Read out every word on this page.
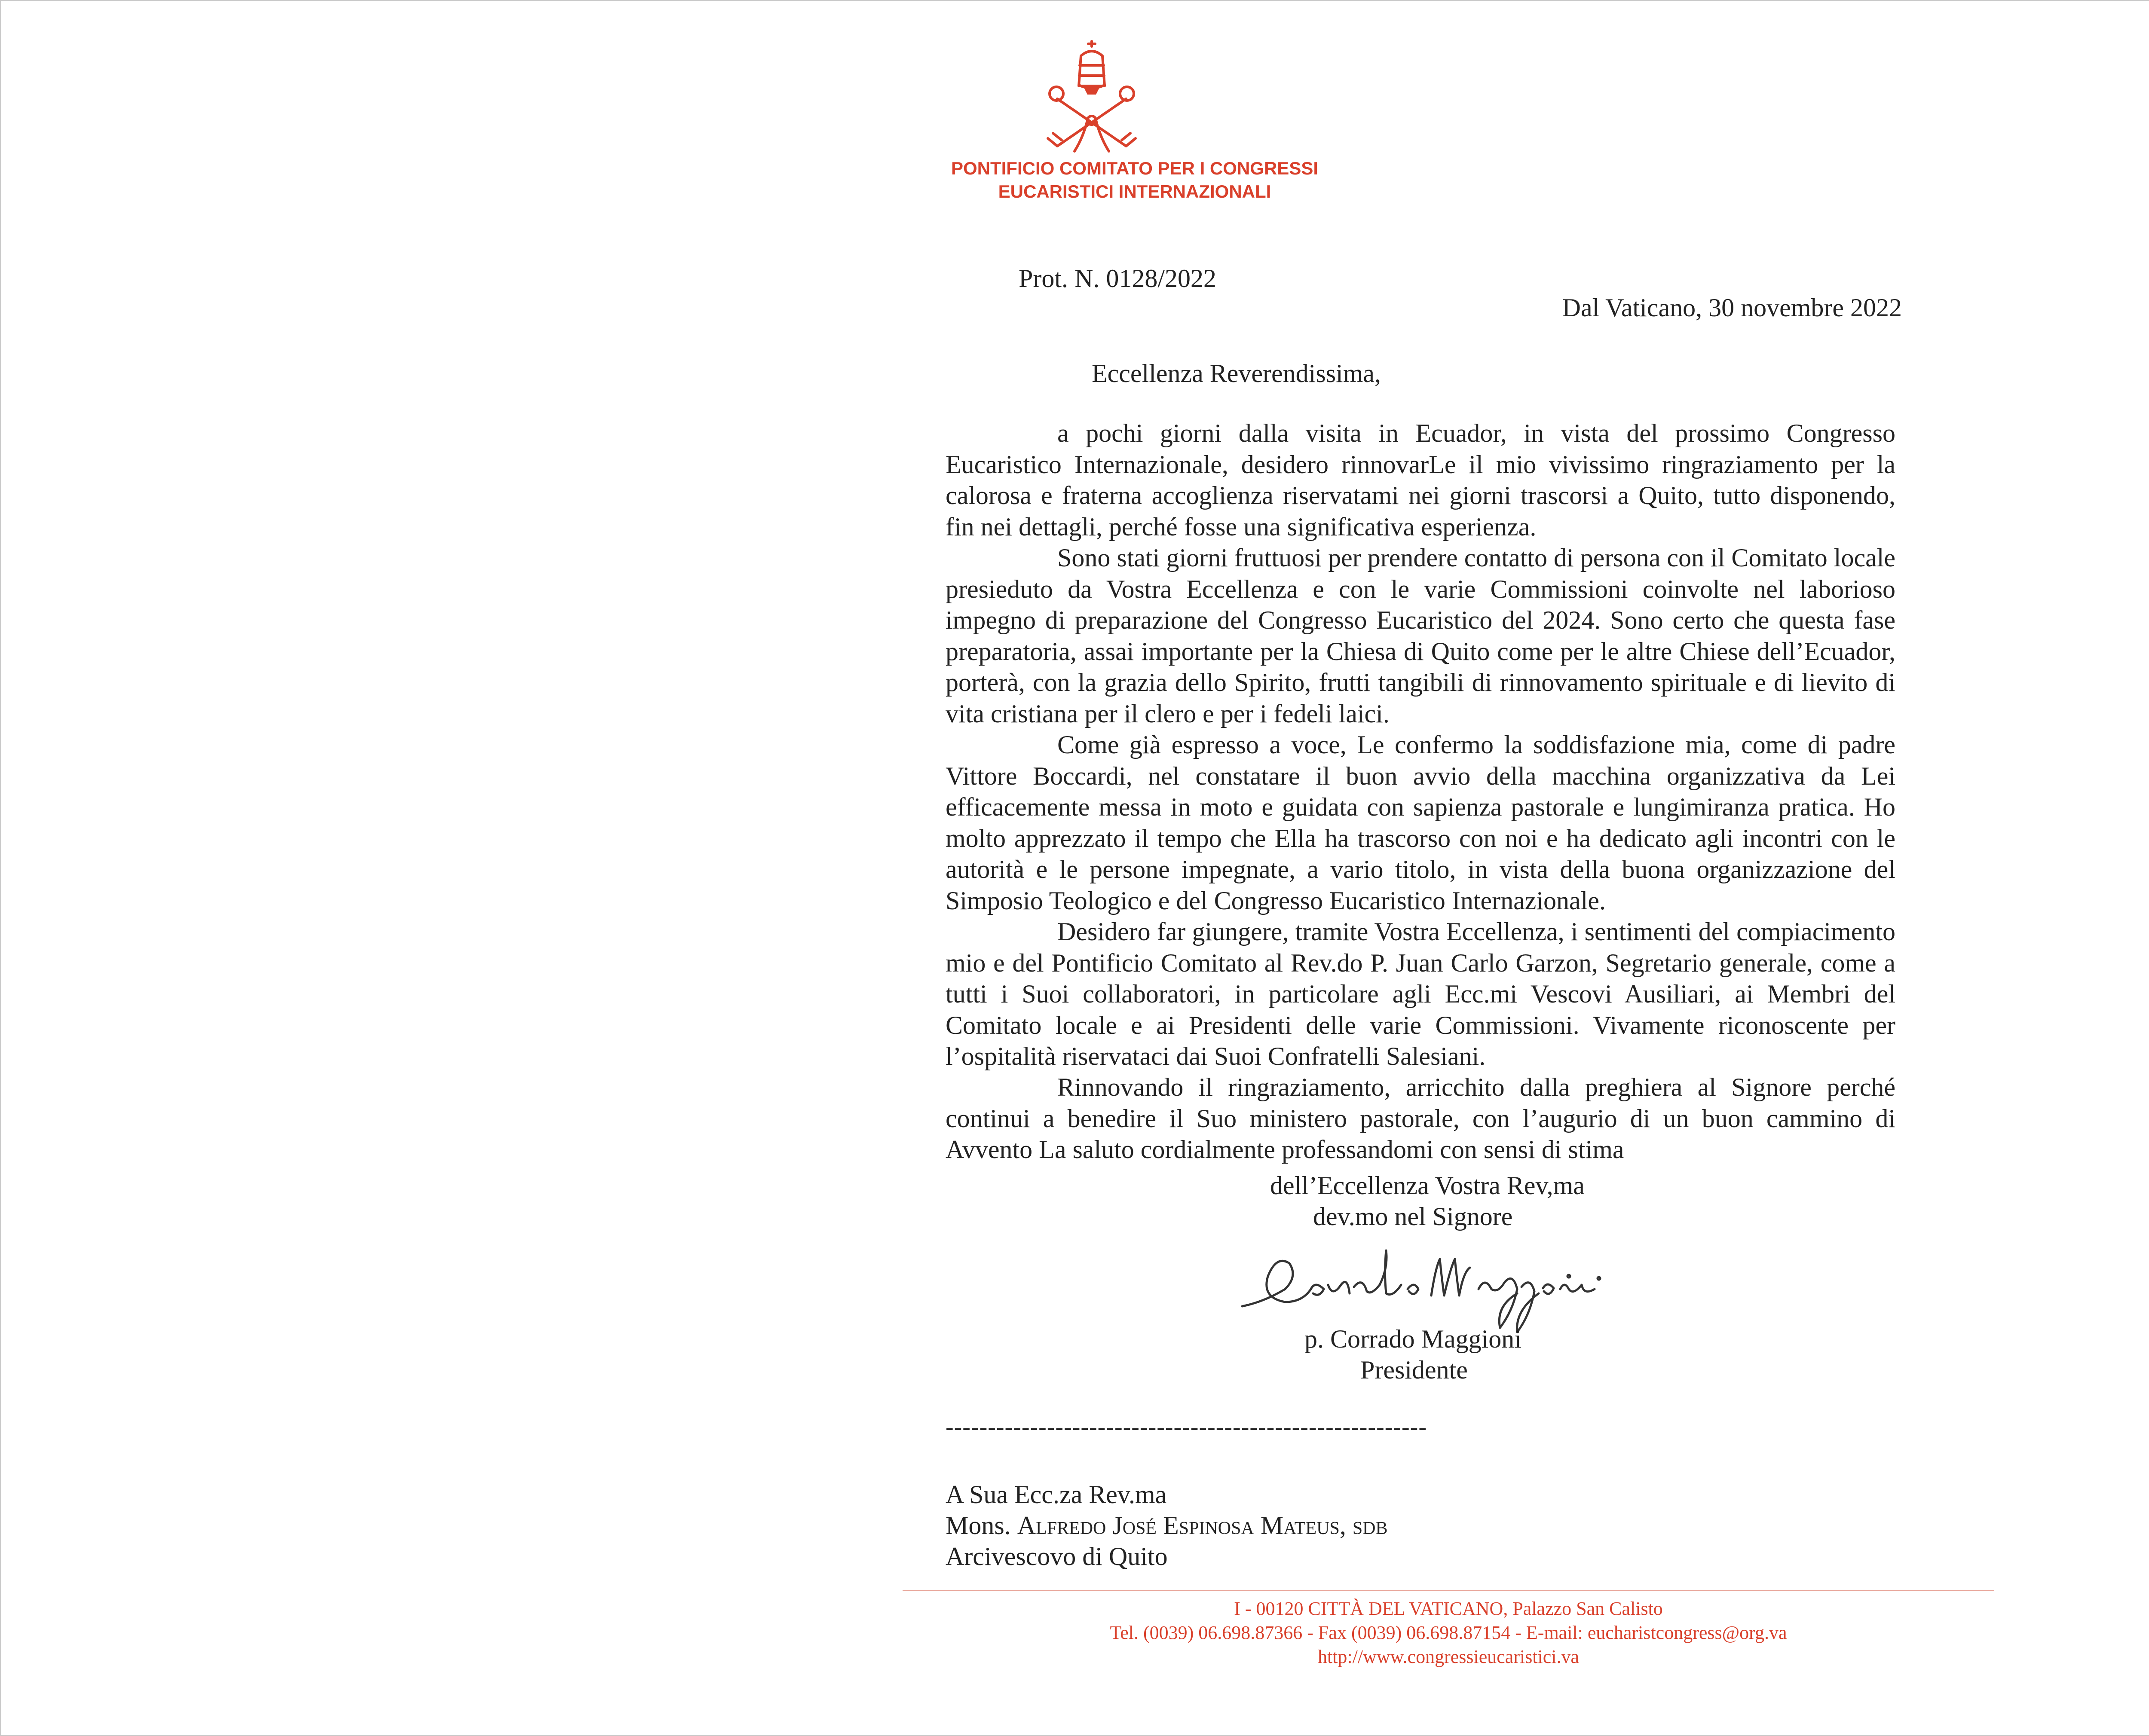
PONTIFICIO COMITATO PER I CONGRESSI
EUCARISTICI INTERNAZIONALI
Prot. N. 0128/2022
Dal Vaticano, 30 novembre 2022
Eccellenza Reverendissima,

a pochi giorni dalla visita in Ecuador, in vista del prossimo Congresso Eucaristico Internazionale, desidero rinnovarLe il mio vivissimo ringraziamento per la calorosa e fraterna accoglienza riservatami nei giorni trascorsi a Quito, tutto disponendo, fin nei dettagli, perché fosse una significativa esperienza.

Sono stati giorni fruttuosi per prendere contatto di persona con il Comitato locale presieduto da Vostra Eccellenza e con le varie Commissioni coinvolte nel laborioso impegno di preparazione del Congresso Eucaristico del 2024. Sono certo che questa fase preparatoria, assai importante per la Chiesa di Quito come per le altre Chiese dell’Ecuador, porterà, con la grazia dello Spirito, frutti tangibili di rinnovamento spirituale e di lievito di vita cristiana per il clero e per i fedeli laici.

Come già espresso a voce, Le confermo la soddisfazione mia, come di padre Vittore Boccardi, nel constatare il buon avvio della macchina organizzativa da Lei efficacemente messa in moto e guidata con sapienza pastorale e lungimiranza pratica. Ho molto apprezzato il tempo che Ella ha trascorso con noi e ha dedicato agli incontri con le autorità e le persone impegnate, a vario titolo, in vista della buona organizzazione del Simposio Teologico e del Congresso Eucaristico Internazionale.

Desidero far giungere, tramite Vostra Eccellenza, i sentimenti del compiacimento mio e del Pontificio Comitato al Rev.do P. Juan Carlo Garzon, Segretario generale, come a tutti i Suoi collaboratori, in particolare agli Ecc.mi Vescovi Ausiliari, ai Membri del Comitato locale e ai Presidenti delle varie Commissioni. Vivamente riconoscente per l’ospitalità riservataci dai Suoi Confratelli Salesiani.

Rinnovando il ringraziamento, arricchito dalla preghiera al Signore perché continui a benedire il Suo ministero pastorale, con l’augurio di un buon cammino di Avvento La saluto cordialmente professandomi con sensi di stima

dell’Eccellenza Vostra Rev,ma
dev.mo nel Signore
p. Corrado Maggioni
Presidente
---------------------------------------------------------
A Sua Ecc.za Rev.ma
Mons. Alfredo José Espinosa Mateus, sdb
Arcivescovo di Quito
I - 00120 CITTÀ DEL VATICANO, Palazzo San Calisto
Tel. (0039) 06.698.87366 - Fax (0039) 06.698.87154 - E-mail: eucharistcongress@org.va
http://www.congressieucaristici.va
